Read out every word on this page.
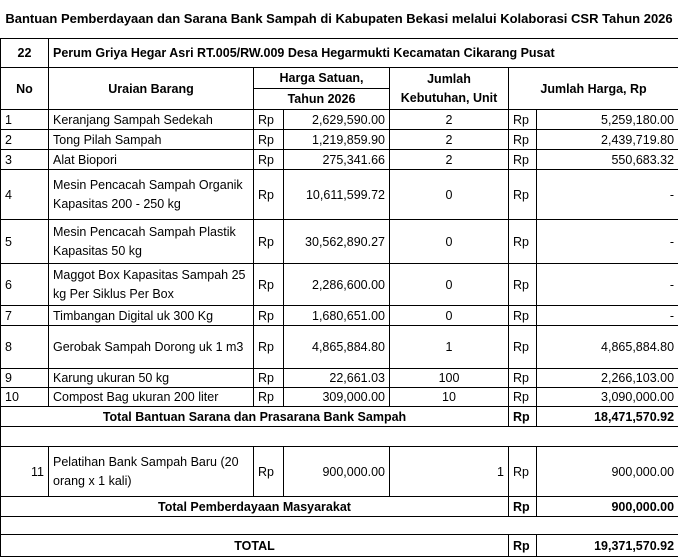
Bantuan Pemberdayaan dan Sarana Bank Sampah di Kabupaten Bekasi melalui Kolaborasi CSR Tahun 2026
22	Perum Griya Hegar Asri RT.005/RW.009 Desa Hegarmukti Kecamatan Cikarang Pusat					
No	Uraian Barang	Harga Satuan,		Jumlah Kebutuhan, Unit	Jumlah Harga, Rp	
		Tahun 2026				
1	Keranjang Sampah Sedekah	Rp	2,629,590.00	2	Rp	5,259,180.00
2	Tong Pilah Sampah	Rp	1,219,859.90	2	Rp	2,439,719.80
3	Alat Biopori	Rp	275,341.66	2	Rp	550,683.32
4	Mesin Pencacah Sampah Organik Kapasitas 200 - 250 kg	Rp	10,611,599.72	0	Rp	-
5	Mesin Pencacah Sampah Plastik Kapasitas 50 kg	Rp	30,562,890.27	0	Rp	-
6	Maggot Box Kapasitas Sampah 25 kg Per Siklus Per Box	Rp	2,286,600.00	0	Rp	-
7	Timbangan Digital uk 300 Kg	Rp	1,680,651.00	0	Rp	-
8	Gerobak Sampah Dorong uk 1 m3	Rp	4,865,884.80	1	Rp	4,865,884.80
9	Karung ukuran 50 kg	Rp	22,661.03	100	Rp	2,266,103.00
10	Compost Bag ukuran 200 liter	Rp	309,000.00	10	Rp	3,090,000.00
Total Bantuan Sarana dan Prasarana Bank Sampah					Rp	18,471,570.92

11	Pelatihan Bank Sampah Baru (20 orang x 1 kali)	Rp	900,000.00	1	Rp	900,000.00
Total Pemberdayaan Masyarakat					Rp	900,000.00

TOTAL					Rp	19,371,570.92
